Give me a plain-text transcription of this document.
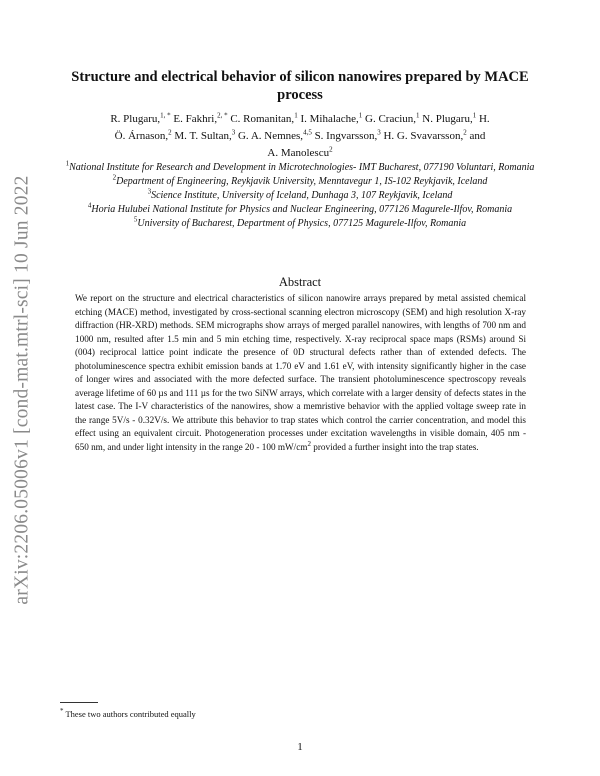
arXiv:2206.05006v1 [cond-mat.mtrl-sci] 10 Jun 2022
Structure and electrical behavior of silicon nanowires prepared by MACE process
R. Plugaru,$^{1, *}$ E. Fakhri,$^{2, *}$ C. Romanitan,$^1$ I. Mihalache,$^1$ G. Craciun,$^1$ N. Plugaru,$^1$ H. Ö. Árnason,$^2$ M. T. Sultan,$^3$ G. A. Nemnes,$^{4,5}$ S. Ingvarsson,$^3$ H. G. Svavarsson,$^2$ and A. Manolescu$^2$
$^1$National Institute for Research and Development in Microtechnologies- IMT Bucharest, 077190 Voluntari, Romania
$^2$Department of Engineering, Reykjavik University, Menntavegur 1, IS-102 Reykjavik, Iceland
$^3$Science Institute, University of Iceland, Dunhaga 3, 107 Reykjavik, Iceland
$^4$Horia Hulubei National Institute for Physics and Nuclear Engineering, 077126 Magurele-Ilfov, Romania
$^5$University of Bucharest, Department of Physics, 077125 Magurele-Ilfov, Romania
Abstract
We report on the structure and electrical characteristics of silicon nanowire arrays prepared by metal assisted chemical etching (MACE) method, investigated by cross-sectional scanning electron microscopy (SEM) and high resolution X-ray diffraction (HR-XRD) methods. SEM micrographs show arrays of merged parallel nanowires, with lengths of 700 nm and 1000 nm, resulted after 1.5 min and 5 min etching time, respectively. X-ray reciprocal space maps (RSMs) around Si (004) reciprocal lattice point indicate the presence of 0D structural defects rather than of extended defects. The photoluminescence spectra exhibit emission bands at 1.70 eV and 1.61 eV, with intensity significantly higher in the case of longer wires and associated with the more defected surface. The transient photoluminescence spectroscopy reveals average lifetime of 60 µs and 111 µs for the two SiNW arrays, which correlate with a larger density of defects states in the latest case. The I-V characteristics of the nanowires, show a memristive behavior with the applied voltage sweep rate in the range 5V/s - 0.32V/s. We attribute this behavior to trap states which control the carrier concentration, and model this effect using an equivalent circuit. Photogeneration processes under excitation wavelengths in visible domain, 405 nm - 650 nm, and under light intensity in the range 20 - 100 $mW/cm^2$ provided a further insight into the trap states.
* These two authors contributed equally
1
